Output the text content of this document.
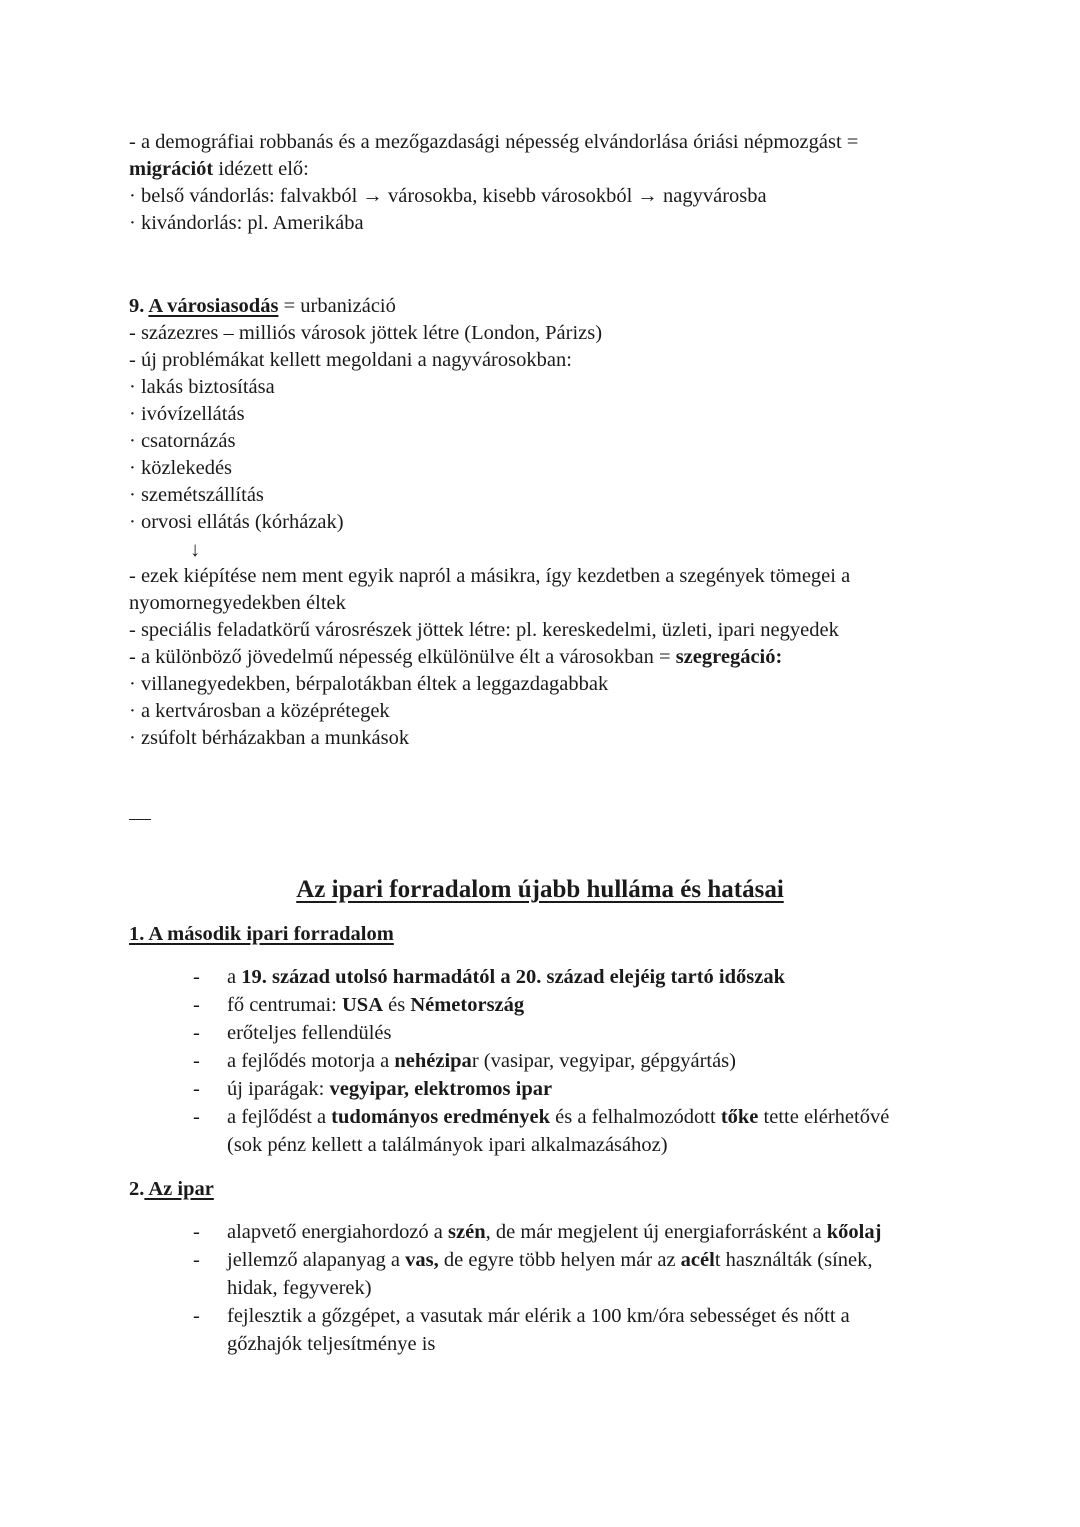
- a demográfiai robbanás és a mezőgazdasági népesség elvándorlása óriási népmozgást =
migrációt idézett elő:
· belső vándorlás: falvakból → városokba, kisebb városokból → nagyvárosba
· kivándorlás: pl. Amerikába
9. A városiasodás = urbanizáció
- százezres – milliós városok jöttek létre (London, Párizs)
- új problémákat kellett megoldani a nagyvárosokban:
· lakás biztosítása
· ivóvízellátás
· csatornázás
· közlekedés
· szemétszállítás
· orvosi ellátás (kórházak)
↓
- ezek kiépítése nem ment egyik napról a másikra, így kezdetben a szegények tömegei a
nyomornegyedekben éltek
- speciális feladatkörű városrészek jöttek létre: pl. kereskedelmi, üzleti, ipari negyedek
- a különböző jövedelmű népesség elkülönülve élt a városokban = szegregáció:
· villanegyedekben, bérpalotákban éltek a leggazdagabbak
· a kertvárosban a középrétegek
· zsúfolt bérházakban a munkások
Az ipari forradalom újabb hulláma és hatásai
1. A második ipari forradalom
- a 19. század utolsó harmadától a 20. század elejéig tartó időszak
- fő centrumai: USA és Németország
- erőteljes fellendülés
- a fejlődés motorja a nehézipar (vasipar, vegyipar, gépgyártás)
- új iparágak: vegyipar, elektromos ipar
- a fejlődést a tudományos eredmények és a felhalmozódott tőke tette elérhetővé
(sok pénz kellett a találmányok ipari alkalmazásához)
2. Az ipar
- alapvető energiahordozó a szén, de már megjelent új energiaforrásként a kőolaj
- jellemző alapanyag a vas, de egyre több helyen már az acélt használták (sínek,
hidak, fegyverek)
- fejlesztik a gőzgépet, a vasutak már elérik a 100 km/óra sebességet és nőtt a
gőzhajók teljesítménye is
